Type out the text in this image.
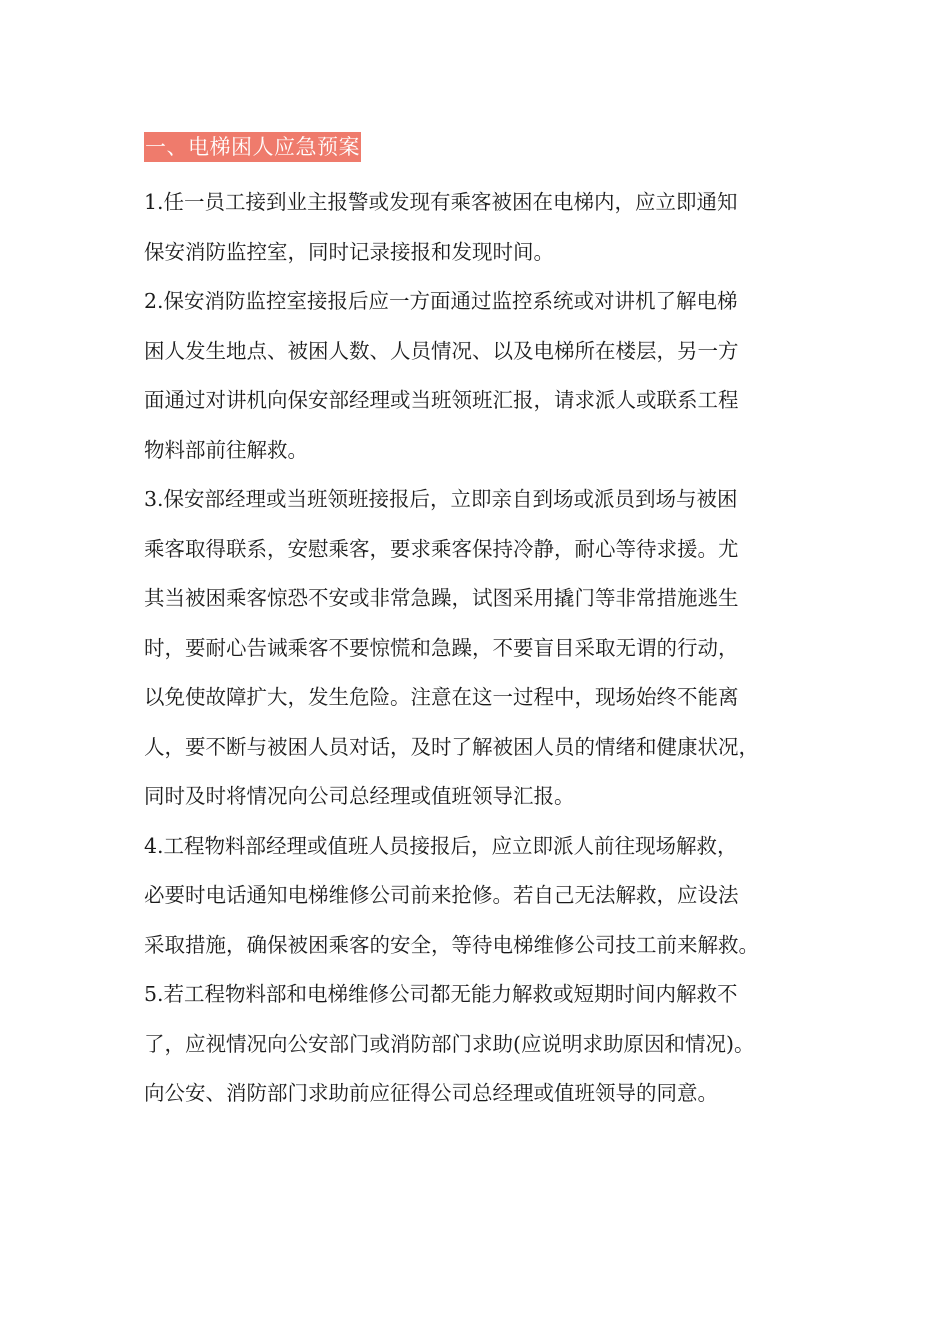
一、电梯困人应急预案

1.任一员工接到业主报警或发现有乘客被困在电梯内，应立即通知
保安消防监控室，同时记录接报和发现时间。

2.保安消防监控室接报后应一方面通过监控系统或对讲机了解电梯
困人发生地点、被困人数、人员情况、以及电梯所在楼层，另一方
面通过对讲机向保安部经理或当班领班汇报，请求派人或联系工程
物料部前往解救。

3.保安部经理或当班领班接报后，立即亲自到场或派员到场与被困
乘客取得联系，安慰乘客，要求乘客保持冷静，耐心等待求援。尤
其当被困乘客惊恐不安或非常急躁，试图采用撬门等非常措施逃生
时，要耐心告诫乘客不要惊慌和急躁，不要盲目采取无谓的行动，
以免使故障扩大，发生危险。注意在这一过程中，现场始终不能离
人，要不断与被困人员对话，及时了解被困人员的情绪和健康状况，
同时及时将情况向公司总经理或值班领导汇报。

4.工程物料部经理或值班人员接报后，应立即派人前往现场解救，
必要时电话通知电梯维修公司前来抢修。若自己无法解救，应设法
采取措施，确保被困乘客的安全，等待电梯维修公司技工前来解救。

5.若工程物料部和电梯维修公司都无能力解救或短期时间内解救不
了，应视情况向公安部门或消防部门求助(应说明求助原因和情况)。
向公安、消防部门求助前应征得公司总经理或值班领导的同意。
